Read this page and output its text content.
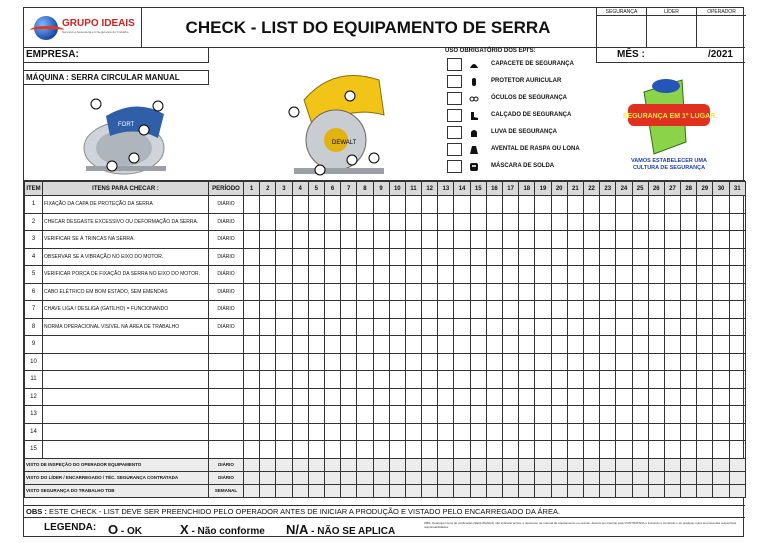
GRUPO IDEAIS
Serviços e Assessoria em Segurança do Trabalho	CHECK - LIST DO EQUIPAMENTO DE SERRA
SEGURANÇA	LÍDER	OPERADOR
EMPRESA:
MÁQUINA : SERRA CIRCULAR MANUAL
FORT
DEWALT
USO OBRIGATÓRIO DOS EPI'S:	MÊS :	/2021
CAPACETE DE SEGURANÇA
PROTETOR AURICULAR
ÓCULOS DE SEGURANÇA
CALÇADO DE SEGURANÇA
LUVA DE SEGURANÇA
AVENTAL DE RASPA OU LONA
MÁSCARA DE SOLDA
SEGURANÇA EM 1º LUGAR
VAMOS ESTABELECER UMA
CULTURA DE SEGURANÇA
ITEM	ITENS PARA CHECAR :	PERÍODO	1	2	3	4	5	6	7	8	9	10	11	12	13	14	15	16	17	18	19	20	21	22	23	24	25	26	27	28	29	30	31
1	FIXAÇÃO DA CAPA DE PROTEÇÃO DA SERRA	DIÁRIO																															
2	CHECAR DESGASTE EXCESSIVO OU DEFORMAÇÃO DA SERRA.	DIÁRIO																															
3	VERIFICAR SE Á TRINCAS NA SERRA.	DIÁRIO																															
4	OBSERVAR SE A VIBRAÇÃO NO EIXO DO MOTOR.	DIÁRIO																															
5	VERIFICAR PORCA DE FIXAÇÃO DA SERRA NO EIXO DO MOTOR.	DIÁRIO																															
6	CABO ELÉTRICO EM BOM ESTADO, SEM EMENDAS	DIÁRIO																															
7	CHAVE LIGA / DESLIGA (GATILHO) = FUNCIONANDO	DIÁRIO																															
8	NORMA OPERACIONAL VISÍVEL NA ÁREA DE TRABALHO	DIÁRIO																															
9																																	
10																																	
11																																	
12																																	
13																																	
14																																	
15																																	
VISTO DE INSPEÇÃO DO OPERADOR EQUIPAMENTO		DIÁRIO																															
VISTO DO LÍDER / ENCARREGADO / TÉC. SEGURANÇA CONTRATADA		DIÁRIO																															
VISTO SEGURANÇA DO TRABALHO TDB		SEMANAL																															
OBS : ESTE CHECK - LIST DEVE SER PREENCHIDO PELO OPERADOR ANTES DE INICIAR A PRODUÇÃO E VISTADO PELO ENCARREGADO DA ÁREA.
LEGENDA: O - OK	X - Não conforme N/A - NÃO SE APLICA
OBS: Quaisquer itens de verificação (SEGURANÇA) não indicado acima, e descrever de manual de equipamento ou veículo, deverá ser inserido pela CONTRATADA e incluindo o conteúdo e as qualquer outra empresa das respectivas responsabilidades.
